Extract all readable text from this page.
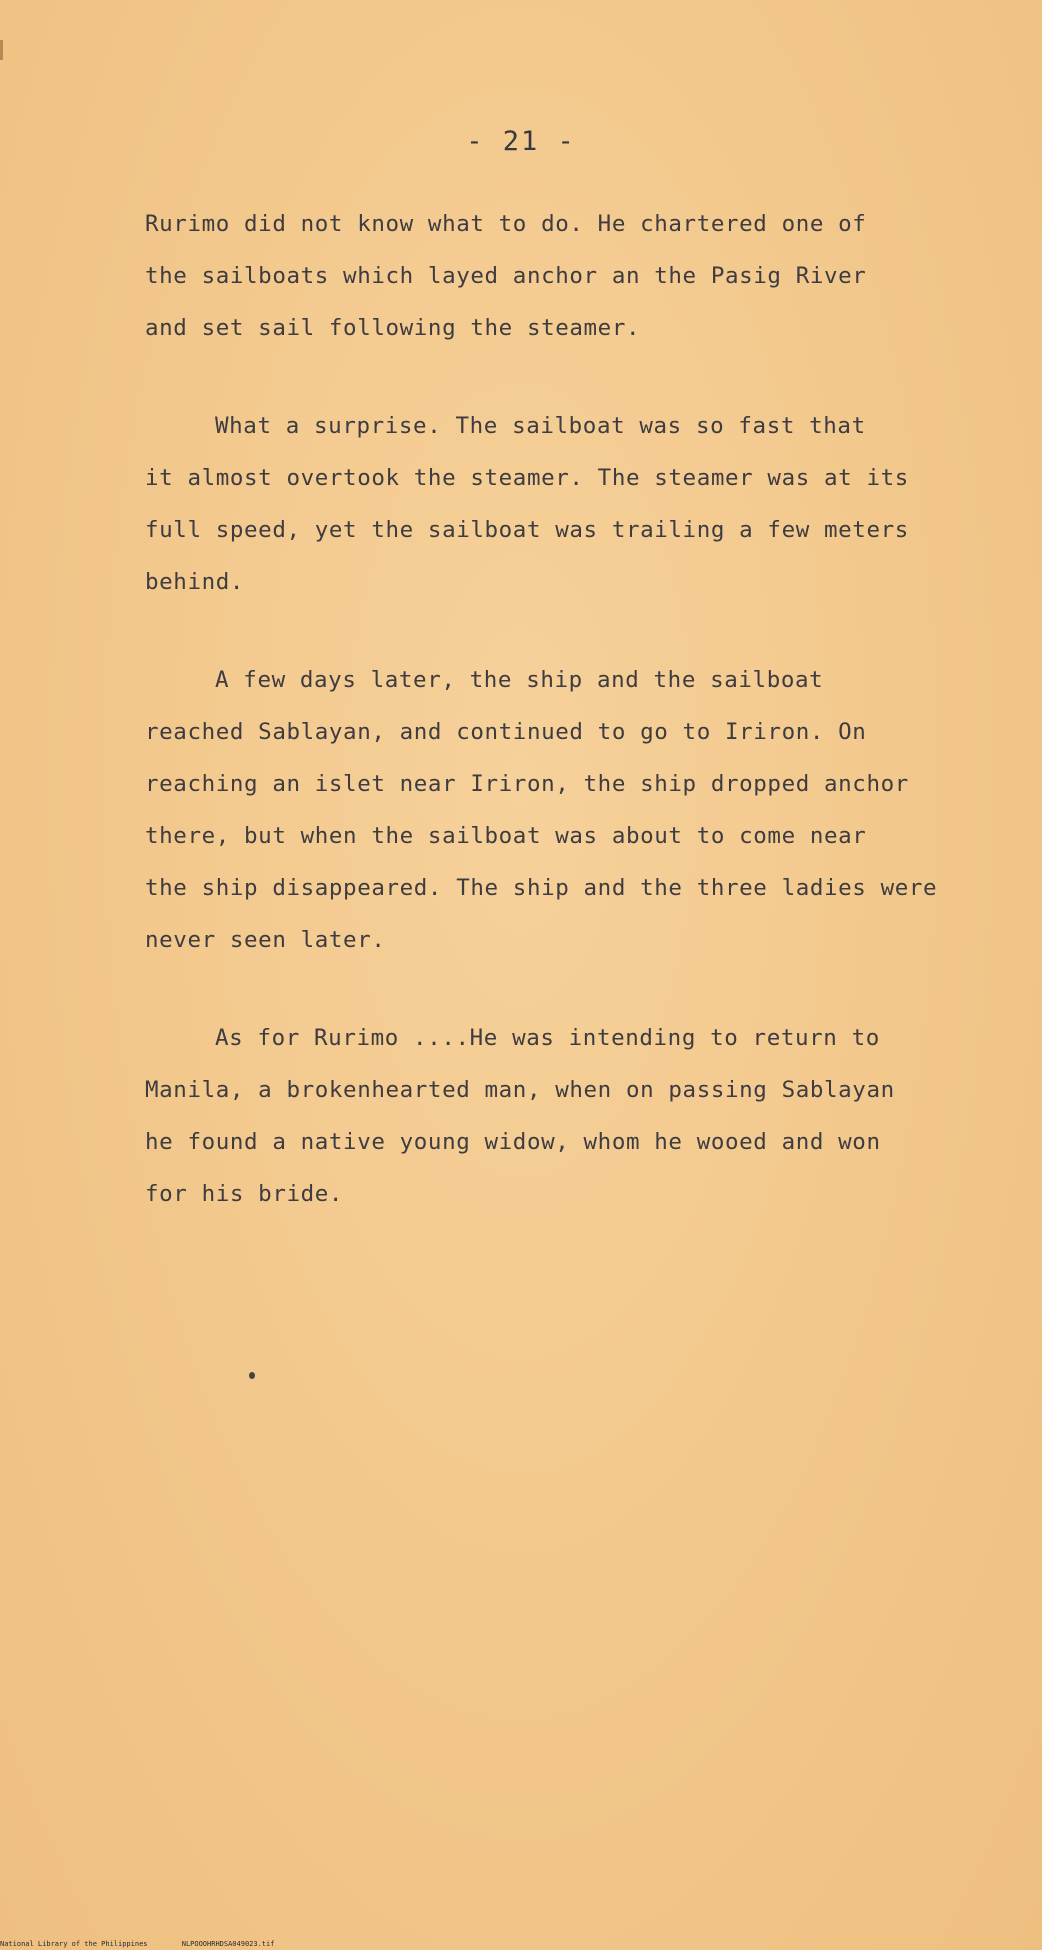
- 21 -
Rurimo did not know what to do. He chartered one of
the sailboats which layed anchor an the Pasig River
and set sail following the steamer.
What a surprise. The sailboat was so fast that
it almost overtook the steamer. The steamer was at its
full speed, yet the sailboat was trailing a few meters
behind.
A few days later, the ship and the sailboat
reached Sablayan, and continued to go to Iriron. On
reaching an islet near Iriron, the ship dropped anchor
there, but when the sailboat was about to come near
the ship disappeared. The ship and the three ladies were
never seen later.
As for Rurimo ....He was intending to return to
Manila, a brokenhearted man, when on passing Sablayan
he found a native young widow, whom he wooed and won
for his bride.
National Library of the Philippines	NLPOOOHRHDSA049023.tif
